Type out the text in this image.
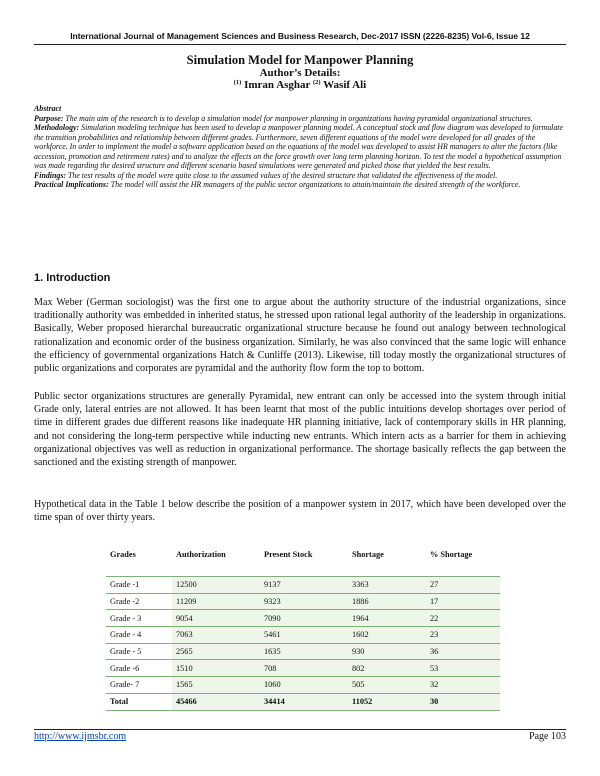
International Journal of Management Sciences and Business Research, Dec-2017 ISSN (2226-8235) Vol-6, Issue 12
Simulation Model for Manpower Planning
Author’s Details:
$^{(1)}$ Imran Asghar $^{(2)}$ Wasif Ali

Abstract

Purpose: The main aim of the research is to develop a simulation model for manpower planning in organizations having pyramidal organizational structures.

Methodology: Simulation modeling technique has been used to develop a manpower planning model. A conceptual stock and flow diagram was developed to formulate the transition probabilities and relationship between different grades. Furthermore, seven different equations of the model were developed for all grades of the workforce. In order to implement the model a software application based on the equations of the model was developed to assist HR managers to alter the factors (like accession, promotion and retirement rates) and to analyze the effects on the force growth over long term planning horizon. To test the model a hypothetical assumption was made regarding the desired structure and different scenario based simulations were generated and picked those that yielded the best results.

Findings: The test results of the model were quite close to the assumed values of the desired structure that validated the effectiveness of the model.

Practical Implications: The model will assist the HR managers of the public sector organizations to attain/maintain the desired strength of the workforce.

1. Introduction

Max Weber (German sociologist) was the first one to argue about the authority structure of the industrial organizations, since traditionally authority was embedded in inherited status, he stressed upon rational legal authority of the leadership in organizations. Basically, Weber proposed hierarchal bureaucratic organizational structure because he found out analogy between technological rationalization and economic order of the business organization. Similarly, he was also convinced that the same logic will enhance the efficiency of governmental organizations Hatch & Cunliffe (2013). Likewise, till today mostly the organizational structures of public organizations and corporates are pyramidal and the authority flow form the top to bottom.

Public sector organizations structures are generally Pyramidal, new entrant can only be accessed into the system through initial Grade only, lateral entries are not allowed. It has been learnt that most of the public intuitions develop shortages over period of time in different grades due different reasons like inadequate HR planning initiative, lack of contemporary skills in HR planning, and not considering the long-term perspective while inducting new entrants. Which intern acts as a barrier for them in achieving organizational objectives vas well as reduction in organizational performance. The shortage basically reflects the gap between the sanctioned and the existing strength of manpower.

Hypothetical data in the Table 1 below describe the position of a manpower system in 2017, which have been developed over the time span of over thirty years.

Grades	Authorization	Present Stock	Shortage	% Shortage

Grade -1	12500	9137	3363	27
Grade -2	11209	9323	1886	17
Grade - 3	9054	7090	1964	22
Grade - 4	7063	5461	1602	23
Grade - 5	2565	1635	930	36
Grade -6	1510	708	802	53
Grade- 7	1565	1060	505	32
Total	45466	34414	11052	30
http://www.ijmsbr.com	Page 103
